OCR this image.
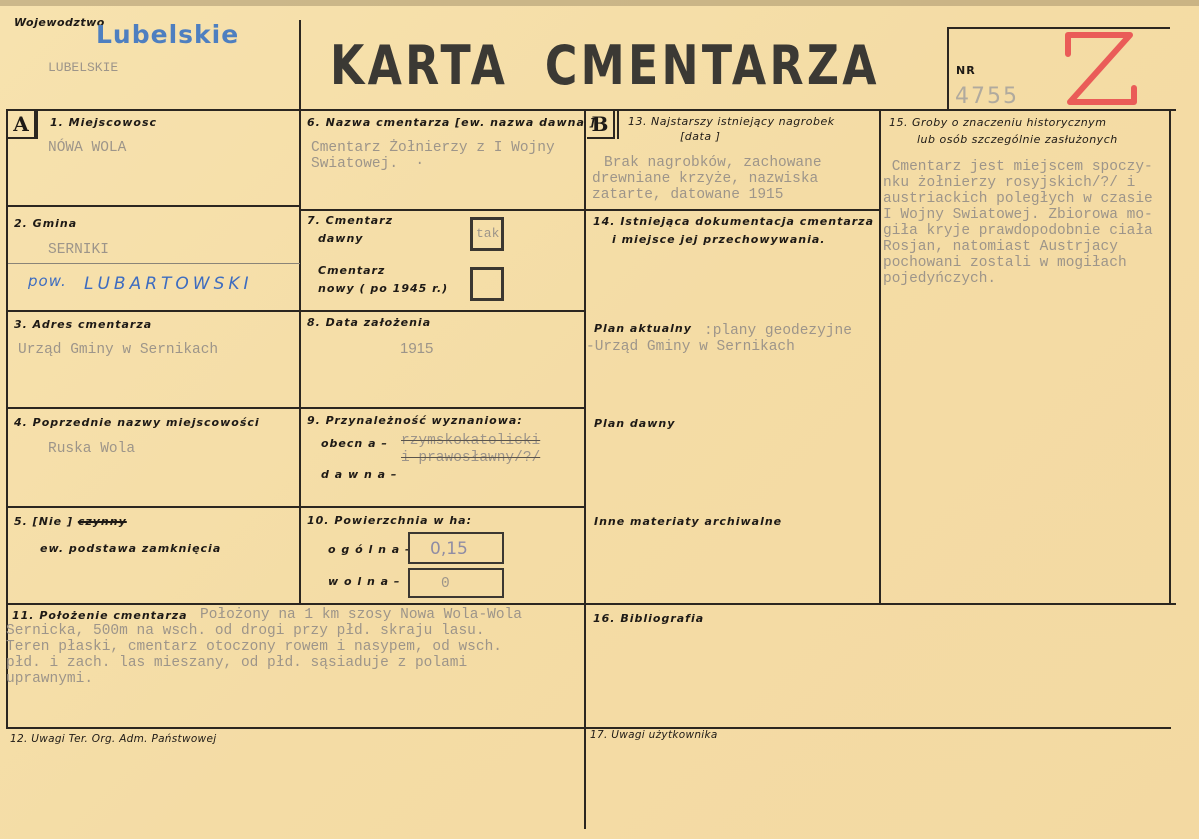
Wojewodztwo
Lubelskie
LUBELSKIE	KARTA CMENTARZA	NR
4755
A	1. Miejscowosc
NÓWA WOLA
2. Gmina
SERNIKI
pow. LUBARTOWSKI
3. Adres cmentarza
Urząd Gminy w Sernikach
4. Poprzednie nazwy miejscowości
Ruska Wola
5. [Nie ] czynny
ew. podstawa zamknięcia
6. Nazwa cmentarza [ew. nazwa dawna ]
Cmentarz Żołnierzy z I Wojny
Swiatowej.  ·
7. Cmentarz
dawny	tak
Cmentarz
nowy ( po 1945 r.)
8. Data założenia
1915
9. Przynależność wyznaniowa:
obecn a – rzymskokatolicki
i prawosławny/?/
d a w n a –
10. Powierzchnia w ha:
o g ó l n a – 0,15
w o l n a –	0
B	13. Najstarszy istniejący nagrobek
[data ]
Brak nagrobków, zachowane
drewniane krzyże, nazwiska
zatarte, datowane 1915
14. Istniejąca dokumentacja cmentarza
i miejsce jej przechowywania.
Plan aktualny :plany geodezyjne
-Urząd Gminy w Sernikach
Plan dawny
Inne materiaty archiwalne
15. Groby o znaczeniu historycznym
lub osób szczególnie zasłużonych
Cmentarz jest miejscem spoczy-
nku żołnierzy rosyjskich/?/ i
austriackich poległych w czasie
I Wojny Swiatowej. Zbiorowa mo-
giła kryje prawdopodobnie ciała
Rosjan, natomiast Austrjacy
pochowani zostali w mogiłach
pojedyńczych.
11. Położenie cmentarza Położony na 1 km szosy Nowa Wola-Wola
Sernicka, 500m na wsch. od drogi przy płd. skraju lasu.
Teren płaski, cmentarz otoczony rowem i nasypem, od wsch.
płd. i zach. las mieszany, od płd. sąsiaduje z polami
uprawnymi.
16. Bibliografia
12. Uwagi Ter. Org. Adm. Państwowej	17. Uwagi użytkownika
